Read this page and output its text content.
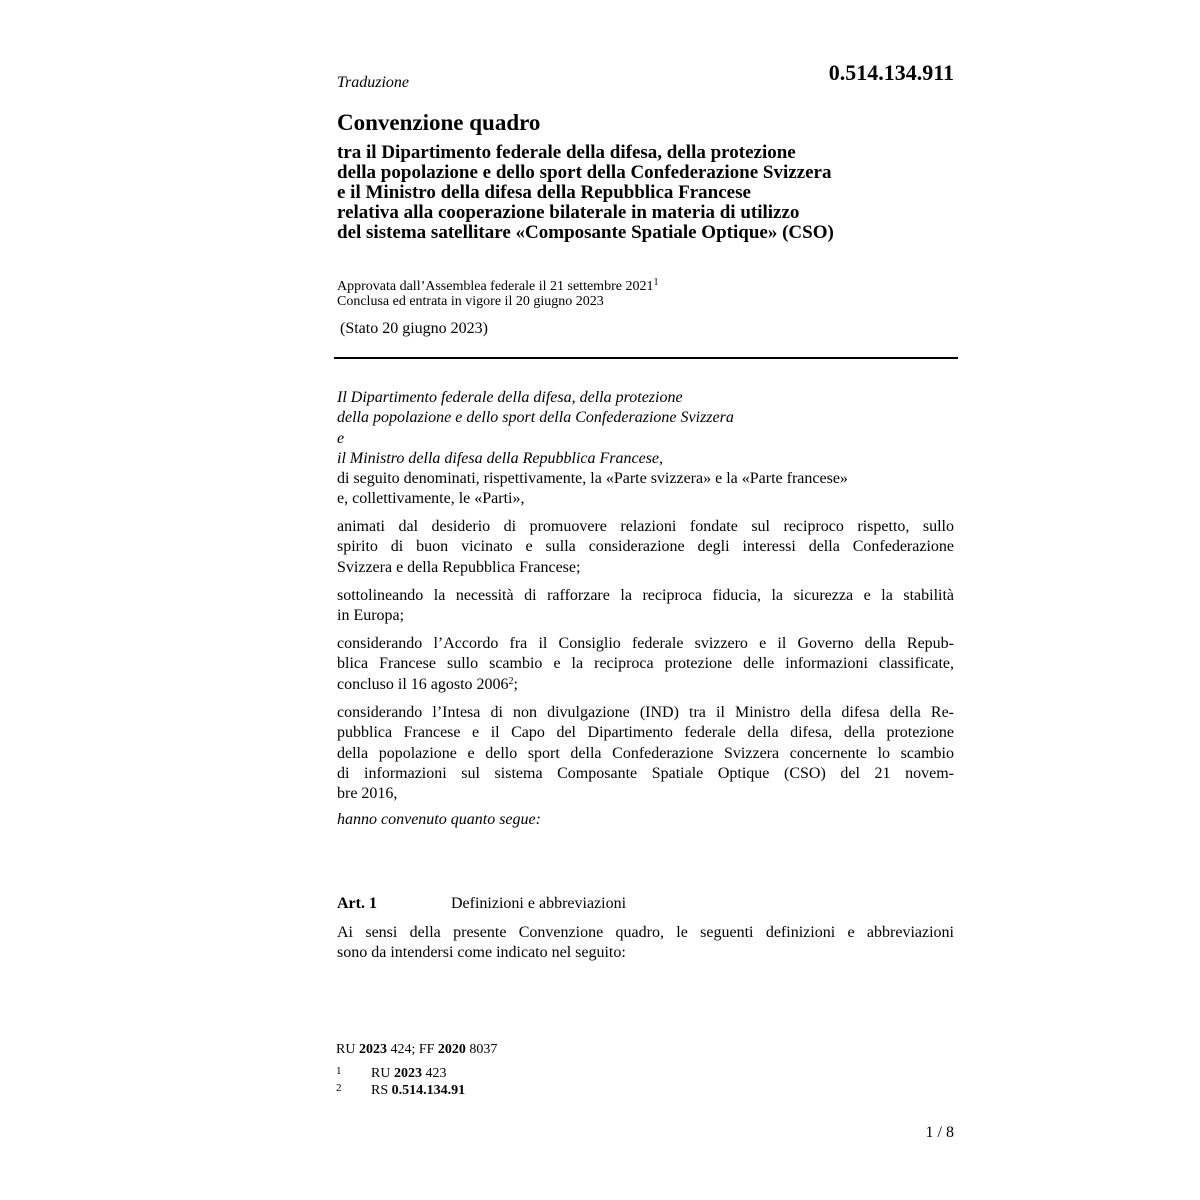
Traduzione	0.514.134.911
Convenzione quadro
tra il Dipartimento federale della difesa, della protezione
della popolazione e dello sport della Confederazione Svizzera
e il Ministro della difesa della Repubblica Francese
relativa alla cooperazione bilaterale in materia di utilizzo
del sistema satellitare «Composante Spatiale Optique» (CSO)
Approvata dall’Assemblea federale il 21 settembre 2021$^1$
Conclusa ed entrata in vigore il 20 giugno 2023
(Stato 20 giugno 2023)
Il Dipartimento federale della difesa, della protezione
della popolazione e dello sport della Confederazione Svizzera
e
il Ministro della difesa della Repubblica Francese,
di seguito denominati, rispettivamente, la «Parte svizzera» e la «Parte francese»
e, collettivamente, le «Parti»,
animati dal desiderio di promuovere relazioni fondate sul reciproco rispetto, sullo
spirito di buon vicinato e sulla considerazione degli interessi della Confederazione
Svizzera e della Repubblica Francese;
sottolineando la necessità di rafforzare la reciproca fiducia, la sicurezza e la stabilità
in Europa;
considerando l’Accordo fra il Consiglio federale svizzero e il Governo della Repub-
blica Francese sullo scambio e la reciproca protezione delle informazioni classificate,
concluso il 16 agosto 2006$^2$;
considerando l’Intesa di non divulgazione (IND) tra il Ministro della difesa della Re-
pubblica Francese e il Capo del Dipartimento federale della difesa, della protezione
della popolazione e dello sport della Confederazione Svizzera concernente lo scambio
di informazioni sul sistema Composante Spatiale Optique (CSO) del 21 novem-
bre 2016,
hanno convenuto quanto segue:
Art. 1	Definizioni e abbreviazioni
Ai sensi della presente Convenzione quadro, le seguenti definizioni e abbreviazioni
sono da intendersi come indicato nel seguito:
RU 2023 424; FF 2020 8037
1 RU 2023 423
2 RS 0.514.134.91
1 / 8
